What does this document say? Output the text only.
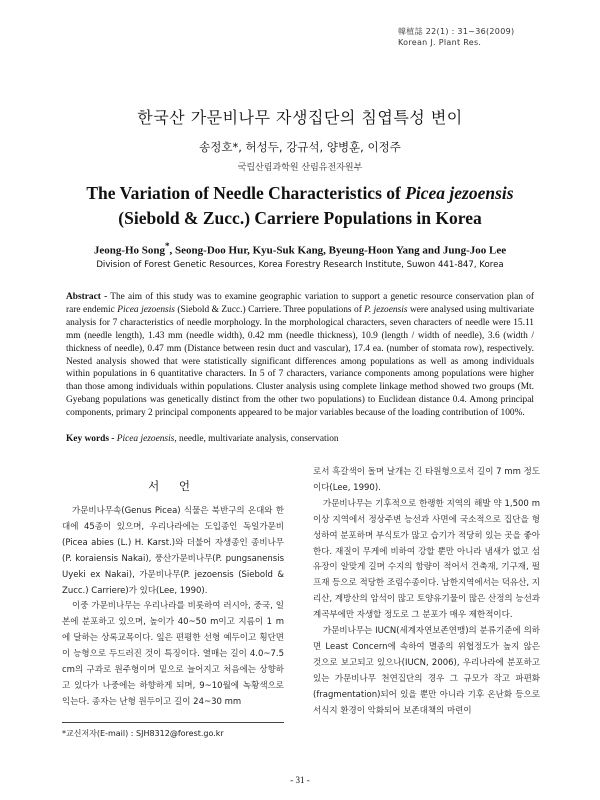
韓植誌 22(1) : 31~36(2009)
Korean J. Plant Res.
한국산 가문비나무 자생집단의 침엽특성 변이
송정호*, 허성두, 강규석, 양병훈, 이정주
국립산림과학원 산림유전자원부
The Variation of Needle Characteristics of Picea jezoensis
(Siebold & Zucc.) Carriere Populations in Korea
Jeong-Ho Song*, Seong-Doo Hur, Kyu-Suk Kang, Byeung-Hoon Yang and Jung-Joo Lee
Division of Forest Genetic Resources, Korea Forestry Research Institute, Suwon 441-847, Korea
Abstract - The aim of this study was to examine geographic variation to support a genetic resource conservation plan of rare endemic Picea jezoensis (Siebold & Zucc.) Carriere. Three populations of P. jezoensis were analysed using multivariate analysis for 7 characteristics of needle morphology. In the morphological characters, seven characters of needle were 15.11 mm (needle length), 1.43 mm (needle width), 0.42 mm (needle thickness), 10.9 (length / width of needle), 3.6 (width / thickness of needle), 0.47 mm (Distance between resin duct and vascular), 17.4 ea. (number of stomata row), respectively. Nested analysis showed that were statistically significant differences among populations as well as among individuals within populations in 6 quantitative characters. In 5 of 7 characters, variance components among populations were higher than those among individuals within populations. Cluster analysis using complete linkage method showed two groups (Mt. Gyebang populations was genetically distinct from the other two populations) to Euclidean distance 0.4. Among principal components, primary 2 principal components appeared to be major variables because of the loading contribution of 100%.
Key words - Picea jezoensis, needle, multivariate analysis, conservation
서 언

가문비나무속(Genus Picea) 식물은 북반구의 온대와 한대에 45종이 있으며, 우리나라에는 도입종인 독일가문비(Picea abies (L.) H. Karst.)와 더불어 자생종인 종비나무(P. koraiensis Nakai), 풍산가문비나무(P. pungsanensis Uyeki ex Nakai), 가문비나무(P. jezoensis (Siebold & Zucc.) Carriere)가 있다(Lee, 1990).

이중 가문비나무는 우리나라를 비롯하여 러시아, 중국, 일본에 분포하고 있으며, 높이가 40~50 m이고 지름이 1 m에 달하는 상록교목이다. 잎은 편평한 선형 예두이고 횡단면이 능형으로 두드러진 것이 특징이다. 열매는 길이 4.0~7.5 cm의 구과로 원주형이며 밑으로 늘어지고 처음에는 상향하고 있다가 나중에는 하향하게 되며, 9~10월에 녹황색으로 익는다. 종자는 난형 원두이고 길이 24~30 mm

로서 흑갈색이 돌며 날개는 긴 타원형으로서 길이 7 mm 정도이다(Lee, 1990).

가문비나무는 기후적으로 한랭한 지역의 해발 약 1,500 m 이상 지역에서 정상주변 능선과 사면에 국소적으로 집단을 형성하여 분포하며 부식토가 많고 습기가 적당히 있는 곳을 좋아한다. 재질이 무게에 비하여 강할 뿐만 아니라 냄새가 없고 섬유장이 알맞게 길며 수지의 함량이 적어서 건축재, 기구재, 펄프재 등으로 적당한 조림수종이다. 남한지역에서는 덕유산, 지리산, 계방산의 암석이 많고 토양유기물이 많은 산정의 능선과 계곡부에만 자생할 정도로 그 분포가 매우 제한적이다.

가문비나무는 IUCN(세계자연보존연맹)의 분류기준에 의하면 Least Concern에 속하여 멸종의 위협정도가 높지 않은 것으로 보고되고 있으나(IUCN, 2006), 우리나라에 분포하고 있는 가문비나무 천연집단의 경우 그 규모가 작고 파편화(fragmentation)되어 있을 뿐만 아니라 기후 온난화 등으로 서식지 환경이 악화되어 보존대책의 마련이

*교신저자(E-mail) : SJH8312@forest.go.kr
- 31 -
